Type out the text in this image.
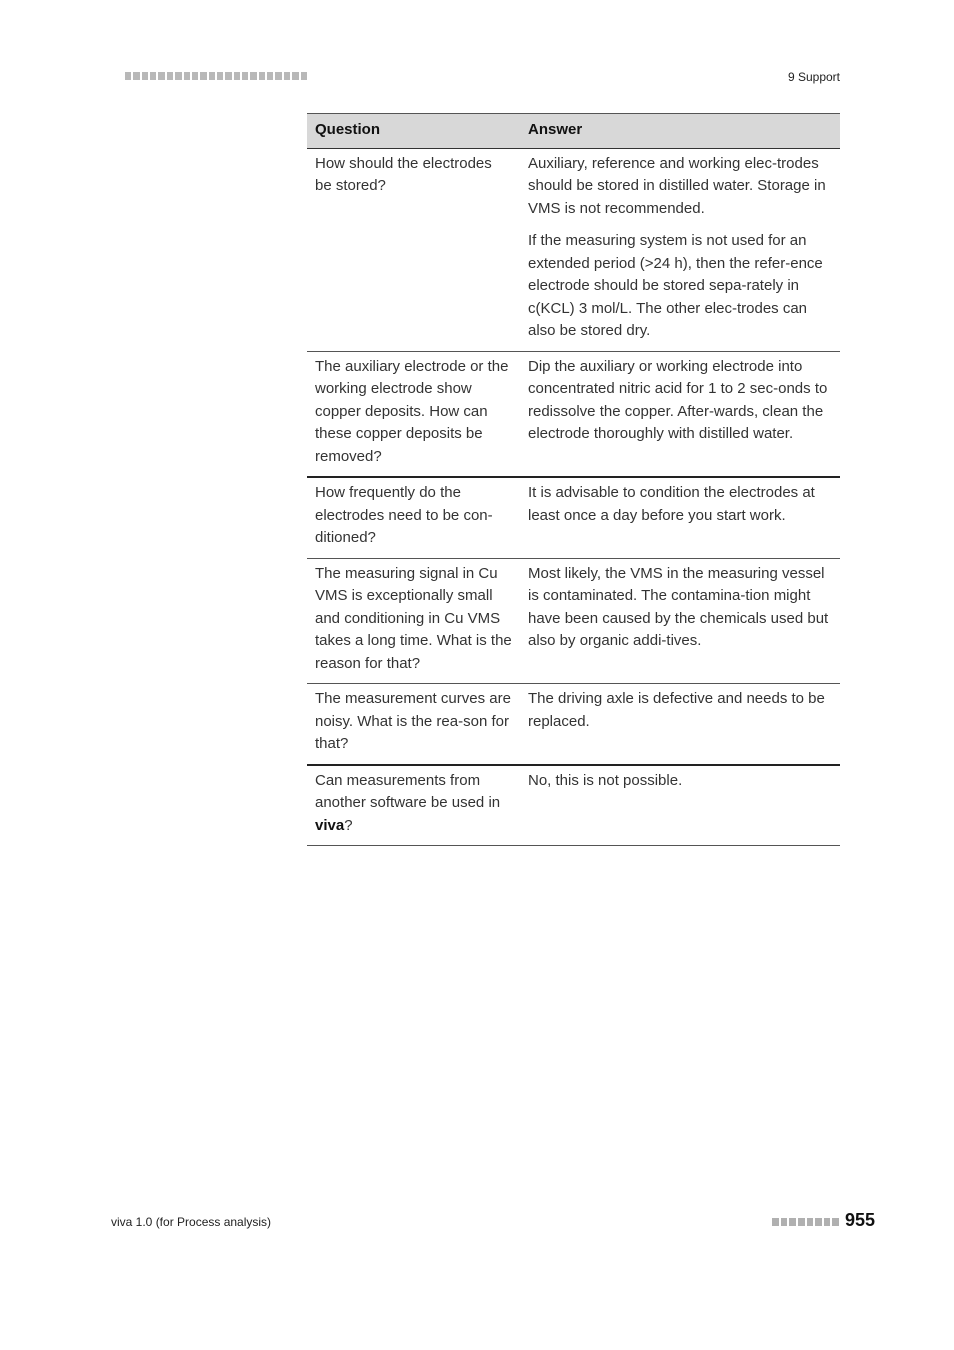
9 Support
Question	Answer

How should the electrodes be stored?	Auxiliary, reference and working elec-trodes should be stored in distilled water. Storage in VMS is not recommended.

If the measuring system is not used for an extended period (>24 h), then the refer-ence electrode should be stored sepa-rately in c(KCL) 3 mol/L. The other elec-trodes can also be stored dry.

The auxiliary electrode or the working electrode show copper deposits. How can these copper deposits be removed?	Dip the auxiliary or working electrode into concentrated nitric acid for 1 to 2 sec-onds to redissolve the copper. After-wards, clean the electrode thoroughly with distilled water.

How frequently do the electrodes need to be con-ditioned?	It is advisable to condition the electrodes at least once a day before you start work.

The measuring signal in Cu VMS is exceptionally small and conditioning in Cu VMS takes a long time. What is the reason for that?	Most likely, the VMS in the measuring vessel is contaminated. The contamina-tion might have been caused by the chemicals used but also by organic addi-tives.

The measurement curves are noisy. What is the rea-son for that?	The driving axle is defective and needs to be replaced.

Can measurements from another software be used in viva?	No, this is not possible.

viva 1.0 (for Process analysis)	955
